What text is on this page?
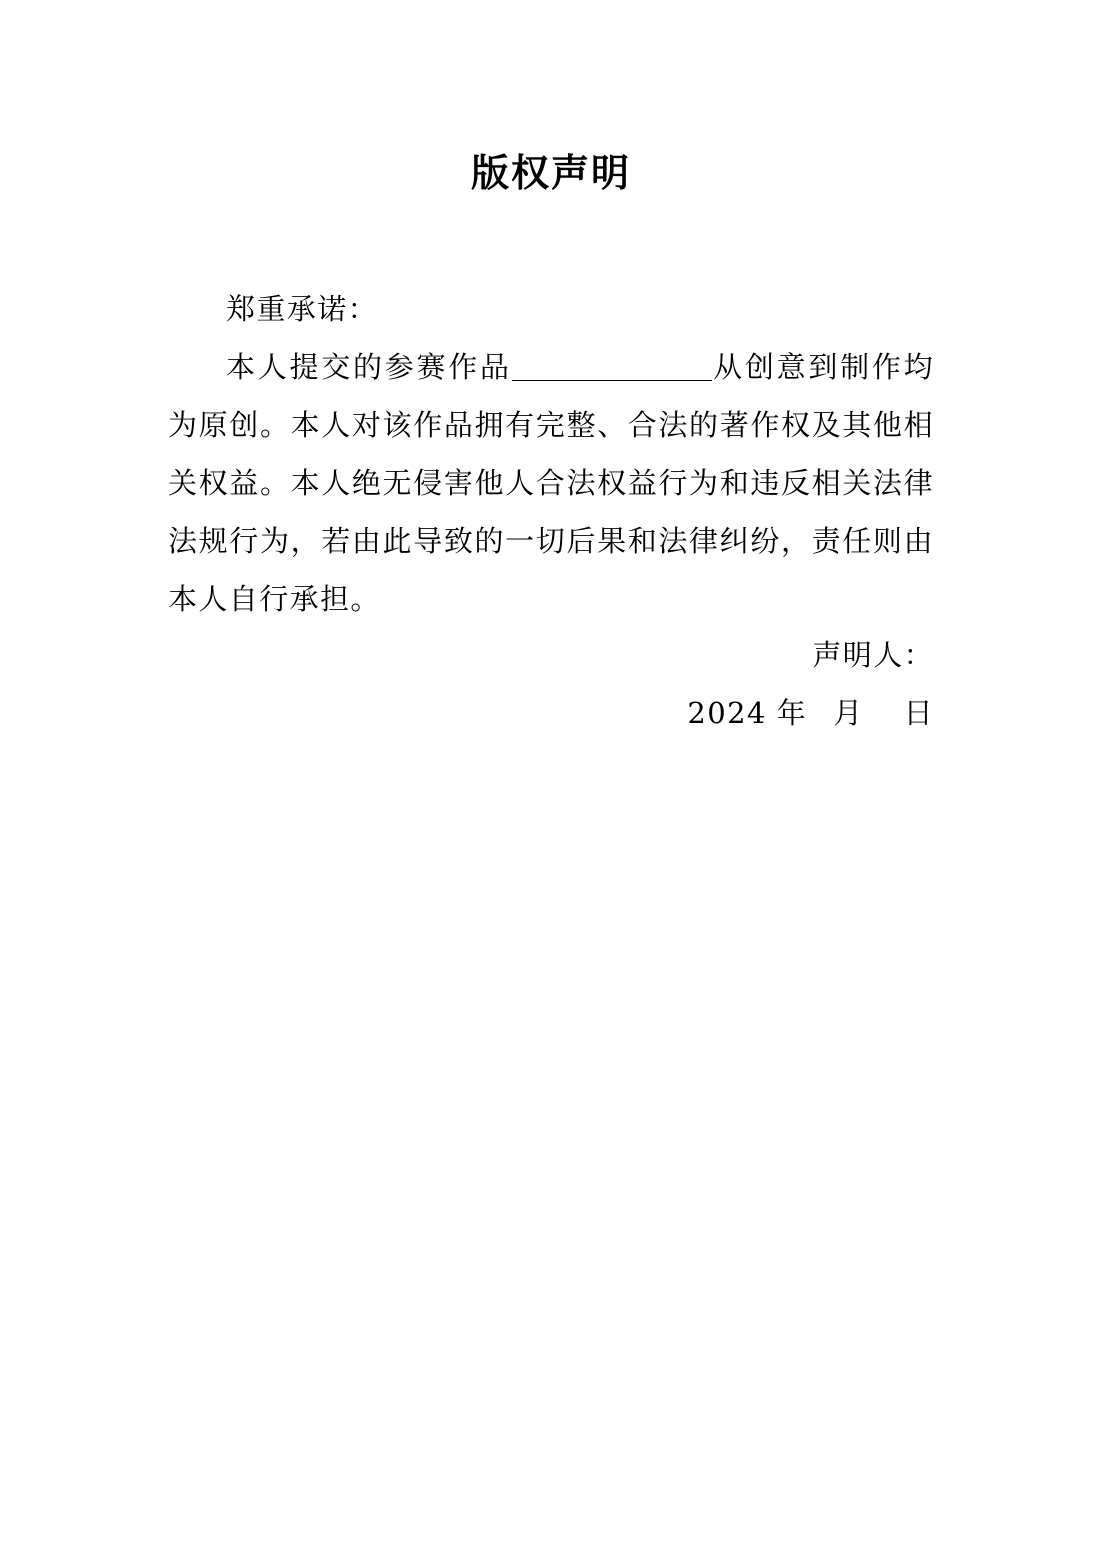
版权声明

郑重承诺：

本人提交的参赛作品	从创意到制作均为原创。本人对该作品拥有完整、合法的著作权及其他相关权益。本人绝无侵害他人合法权益行为和违反相关法律法规行为，若由此导致的一切后果和法律纠纷，责任则由本人自行承担。

声明人：

2024 年 月 日
